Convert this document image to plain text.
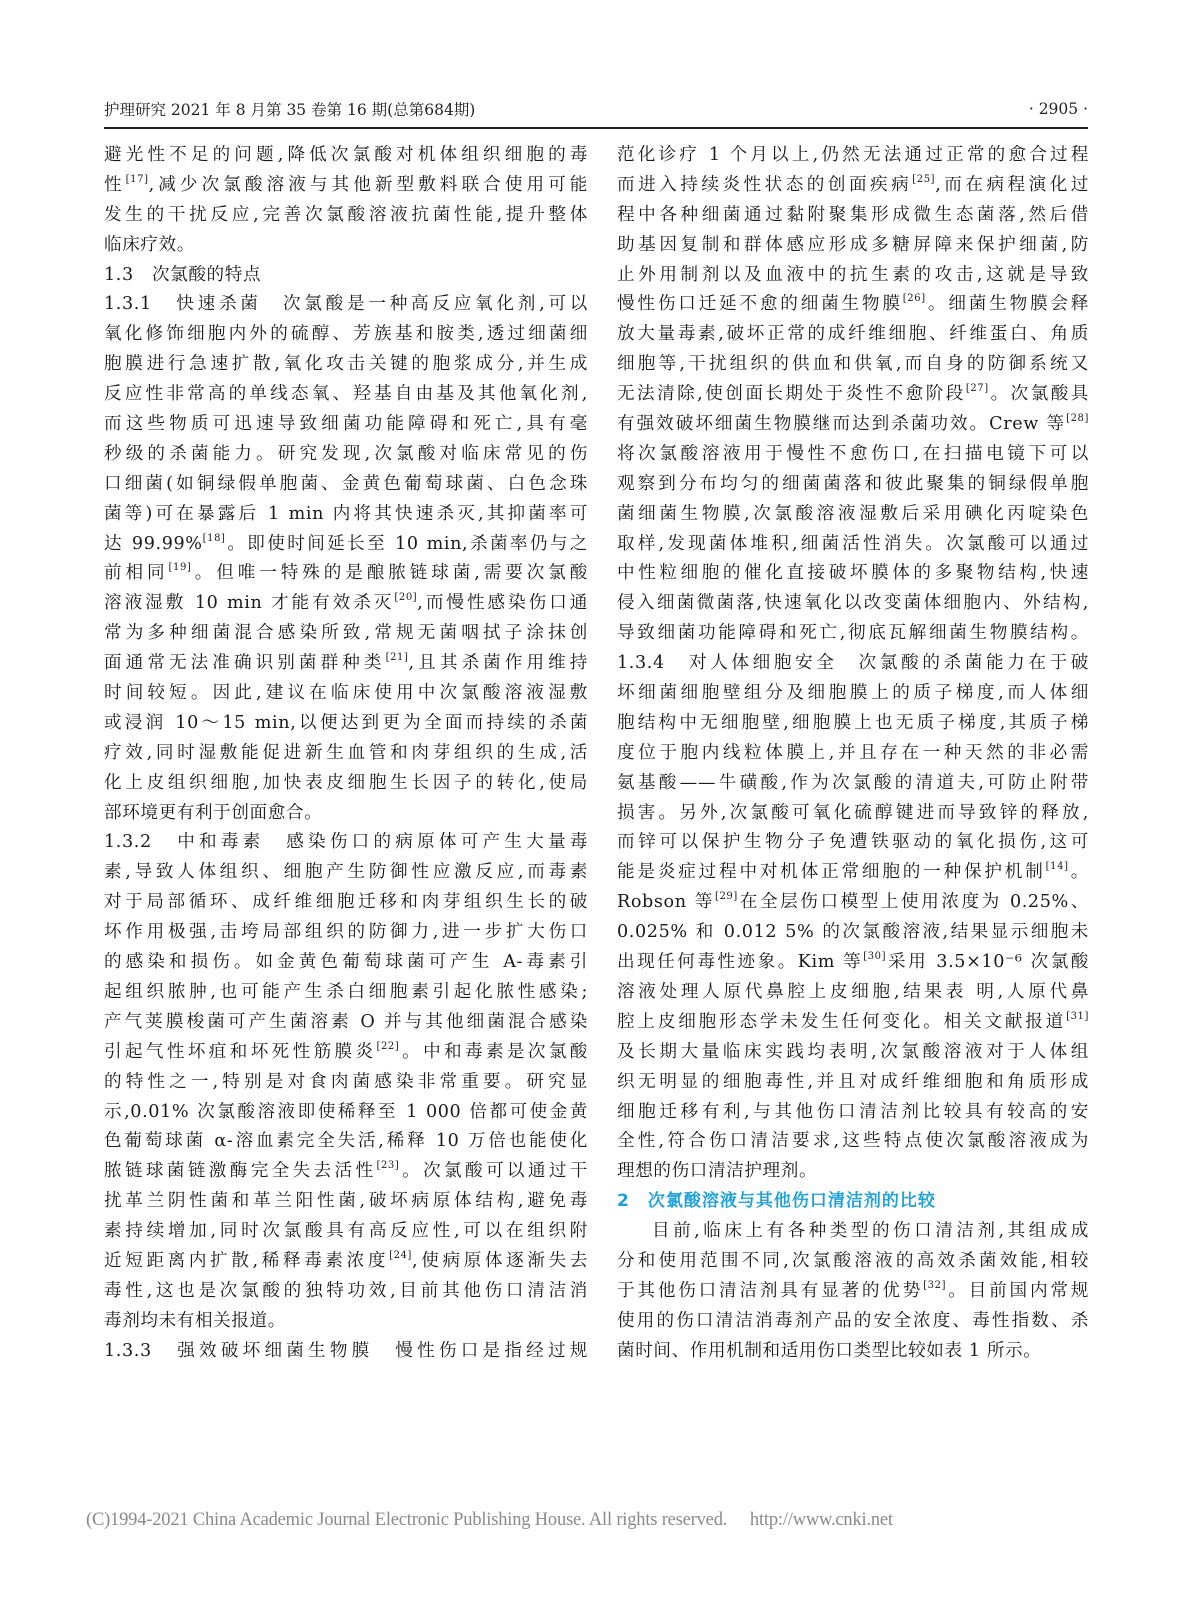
护理研究 2021 年 8 月第 35 卷第 16 期(总第684期)	· 2905 ·
避光性不足的问题,降低次氯酸对机体组织细胞的毒
性[17],减少次氯酸溶液与其他新型敷料联合使用可能
发生的干扰反应,完善次氯酸溶液抗菌性能,提升整体
临床疗效。
1.3　次氯酸的特点
1.3.1　快速杀菌　次氯酸是一种高反应氧化剂,可以
氧化修饰细胞内外的硫醇、芳族基和胺类,透过细菌细
胞膜进行急速扩散,氧化攻击关键的胞浆成分,并生成
反应性非常高的单线态氧、羟基自由基及其他氧化剂,
而这些物质可迅速导致细菌功能障碍和死亡,具有毫
秒级的杀菌能力。研究发现,次氯酸对临床常见的伤
口细菌(如铜绿假单胞菌、金黄色葡萄球菌、白色念珠
菌等)可在暴露后 1 min 内将其快速杀灭,其抑菌率可
达 99.99%[18]。即使时间延长至 10 min,杀菌率仍与之
前相同[19]。但唯一特殊的是酿脓链球菌,需要次氯酸
溶液湿敷 10 min 才能有效杀灭[20],而慢性感染伤口通
常为多种细菌混合感染所致,常规无菌咽拭子涂抹创
面通常无法准确识别菌群种类[21],且其杀菌作用维持
时间较短。因此,建议在临床使用中次氯酸溶液湿敷
或浸润 10～15 min,以便达到更为全面而持续的杀菌
疗效,同时湿敷能促进新生血管和肉芽组织的生成,活
化上皮组织细胞,加快表皮细胞生长因子的转化,使局
部环境更有利于创面愈合。
1.3.2　中和毒素　感染伤口的病原体可产生大量毒
素,导致人体组织、细胞产生防御性应激反应,而毒素
对于局部循环、成纤维细胞迁移和肉芽组织生长的破
坏作用极强,击垮局部组织的防御力,进一步扩大伤口
的感染和损伤。如金黄色葡萄球菌可产生 A-毒素引
起组织脓肿,也可能产生杀白细胞素引起化脓性感染;
产气荚膜梭菌可产生菌溶素 O 并与其他细菌混合感染
引起气性坏疽和坏死性筋膜炎[22]。中和毒素是次氯酸
的特性之一,特别是对食肉菌感染非常重要。研究显
示,0.01% 次氯酸溶液即使稀释至 1 000 倍都可使金黄
色葡萄球菌 α-溶血素完全失活,稀释 10 万倍也能使化
脓链球菌链激酶完全失去活性[23]。次氯酸可以通过干
扰革兰阴性菌和革兰阳性菌,破坏病原体结构,避免毒
素持续增加,同时次氯酸具有高反应性,可以在组织附
近短距离内扩散,稀释毒素浓度[24],使病原体逐渐失去
毒性,这也是次氯酸的独特功效,目前其他伤口清洁消
毒剂均未有相关报道。
1.3.3　强效破坏细菌生物膜　慢性伤口是指经过规
范化诊疗 1 个月以上,仍然无法通过正常的愈合过程
而进入持续炎性状态的创面疾病[25],而在病程演化过
程中各种细菌通过黏附聚集形成微生态菌落,然后借
助基因复制和群体感应形成多糖屏障来保护细菌,防
止外用制剂以及血液中的抗生素的攻击,这就是导致
慢性伤口迁延不愈的细菌生物膜[26]。细菌生物膜会释
放大量毒素,破坏正常的成纤维细胞、纤维蛋白、角质
细胞等,干扰组织的供血和供氧,而自身的防御系统又
无法清除,使创面长期处于炎性不愈阶段[27]。次氯酸具
有强效破坏细菌生物膜继而达到杀菌功效。Crew 等[28]
将次氯酸溶液用于慢性不愈伤口,在扫描电镜下可以
观察到分布均匀的细菌菌落和彼此聚集的铜绿假单胞
菌细菌生物膜,次氯酸溶液湿敷后采用碘化丙啶染色
取样,发现菌体堆积,细菌活性消失。次氯酸可以通过
中性粒细胞的催化直接破坏膜体的多聚物结构,快速
侵入细菌微菌落,快速氧化以改变菌体细胞内、外结构,
导致细菌功能障碍和死亡,彻底瓦解细菌生物膜结构。
1.3.4　对人体细胞安全　次氯酸的杀菌能力在于破
坏细菌细胞壁组分及细胞膜上的质子梯度,而人体细
胞结构中无细胞壁,细胞膜上也无质子梯度,其质子梯
度位于胞内线粒体膜上,并且存在一种天然的非必需
氨基酸——牛磺酸,作为次氯酸的清道夫,可防止附带
损害。另外,次氯酸可氧化硫醇键进而导致锌的释放,
而锌可以保护生物分子免遭铁驱动的氧化损伤,这可
能是炎症过程中对机体正常细胞的一种保护机制[14]。
Robson 等[29]在全层伤口模型上使用浓度为 0.25%、
0.025% 和 0.012 5% 的次氯酸溶液,结果显示细胞未
出现任何毒性迹象。Kim 等[30]采用 3.5×10⁻⁶ 次氯酸
溶液处理人原代鼻腔上皮细胞,结果表 明,人原代鼻
腔上皮细胞形态学未发生任何变化。相关文献报道[31]
及长期大量临床实践均表明,次氯酸溶液对于人体组
织无明显的细胞毒性,并且对成纤维细胞和角质形成
细胞迁移有利,与其他伤口清洁剂比较具有较高的安
全性,符合伤口清洁要求,这些特点使次氯酸溶液成为
理想的伤口清洁护理剂。
2　次氯酸溶液与其他伤口清洁剂的比较
目前,临床上有各种类型的伤口清洁剂,其组成成
分和使用范围不同,次氯酸溶液的高效杀菌效能,相较
于其他伤口清洁剂具有显著的优势[32]。目前国内常规
使用的伤口清洁消毒剂产品的安全浓度、毒性指数、杀
菌时间、作用机制和适用伤口类型比较如表 1 所示。
(C)1994-2021 China Academic Journal Electronic Publishing House. All rights reserved.　 http://www.cnki.net
